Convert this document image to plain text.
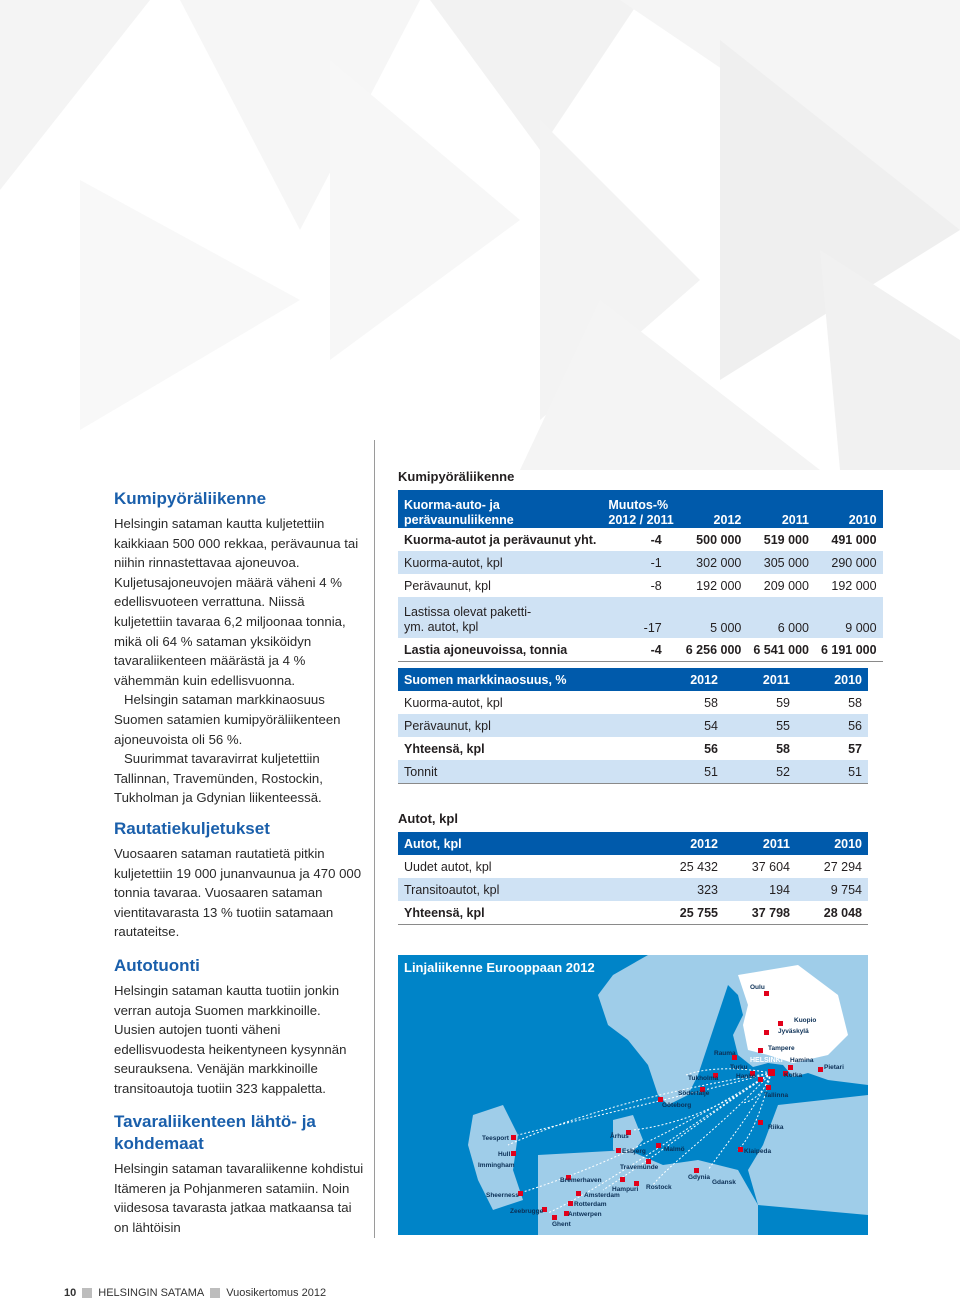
Kumipyöräliikenne

Helsingin sataman kautta kuljetettiin kaikkiaan 500 000 rekkaa, perävaunua tai niihin rinnastettavaa ajoneuvoa. Kuljetusajoneuvojen määrä väheni 4 % edellisvuoteen verrattuna. Niissä kuljetettiin tavaraa 6,2 miljoonaa tonnia, mikä oli 64 % sataman yksiköidyn tavaraliikenteen määrästä ja 4 % vähemmän kuin edellisvuonna.

Helsingin sataman markkinaosuus Suomen satamien kumipyöräliikenteen ajoneuvoista oli 56 %.

Suurimmat tavaravirrat kuljetettiin Tallinnan, Travemünden, Rostockin, Tukholman ja Gdynian liikenteessä.

Rautatiekuljetukset

Vuosaaren sataman rautatietä pitkin kuljetettiin 19 000 junanvaunua ja 470 000 tonnia tavaraa. Vuosaaren sataman vientitavarasta 13 % tuotiin satamaan rautateitse.

Autotuonti

Helsingin sataman kautta tuotiin jonkin verran autoja Suomen markkinoille. Uusien autojen tuonti väheni edellisvuodesta heikentyneen kysynnän seurauksena. Venäjän markkinoille transitoautoja tuotiin 323 kappaletta.

Tavaraliikenteen lähtö- ja kohdemaat

Helsingin sataman tavaraliikenne kohdistui Itämeren ja Pohjanmeren satamiin. Noin viidesosa tavarasta jatkaa matkaansa tai on lähtöisin

Kumipyöräliikenne
Kuorma-auto- ja
perävaunuliikenne	Muutos-%
2012 / 2011	2012	2011	2010
Kuorma-autot ja perävaunut yht.	-4	500 000	519 000	491 000
Kuorma-autot, kpl	-1	302 000	305 000	290 000
Perävaunut, kpl	-8	192 000	209 000	192 000
Lastissa olevat paketti-
ym. autot, kpl	-17	5 000	6 000	9 000
Lastia ajoneuvoissa, tonnia	-4	6 256 000	6 541 000	6 191 000
Suomen markkinaosuus, %	2012	2011	2010
Kuorma-autot, kpl	58	59	58
Perävaunut, kpl	54	55	56
Yhteensä, kpl	56	58	57
Tonnit	51	52	51
Autot, kpl
Autot, kpl	2012	2011	2010
Uudet autot, kpl	25 432	37 604	27 294
Transitoautot, kpl	323	194	9 754
Yhteensä, kpl	25 755	37 798	28 048
Linjaliikenne Eurooppaan 2012
Oulu
Kuopio
Jyväskylä
Tampere
Rauma
HELSINKI Hamina
Turku
Hanko	Kotka
Pietari
Tukholma
Södertälje	Tallinna
Göteborg
Riika
Teesport	Århus
Hull	Esbjerg	Malmö	Klaipeda
Immingham	Travemünde
Gdynia
Gdansk
Bremerhaven
Hampuri Rostock
Sheerness	Amsterdam
Rotterdam
Zeebrugge	Antwerpen
Ghent
10 HELSINGIN SATAMA Vuosikertomus 2012
